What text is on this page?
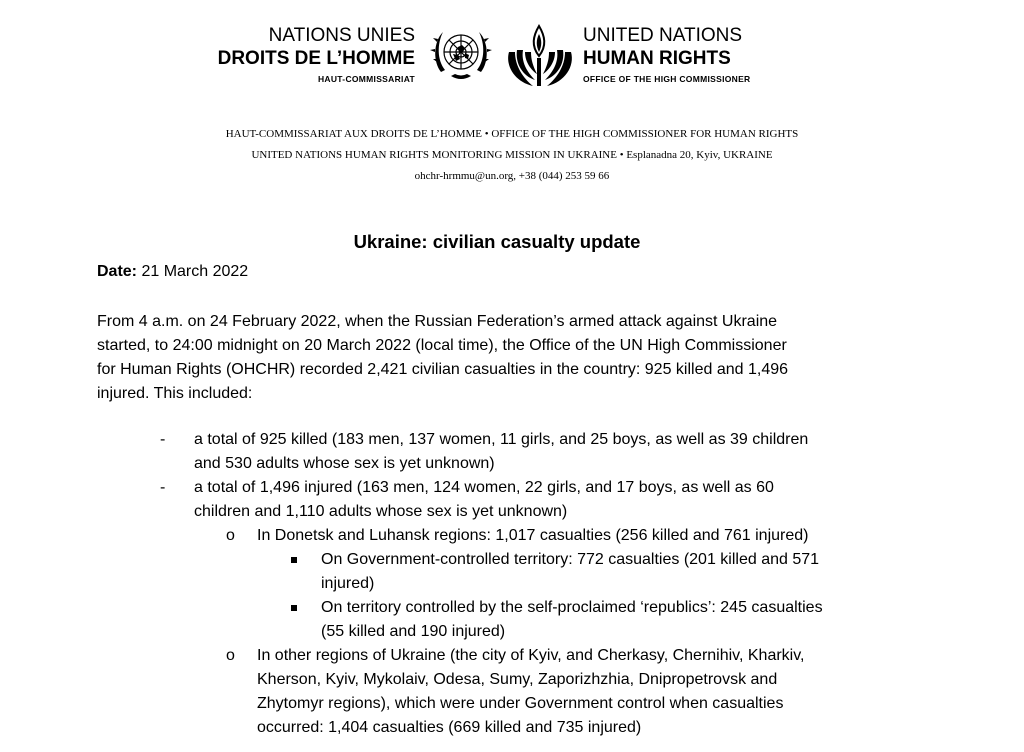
NATIONS UNIES
DROITS DE L’HOMME
HAUT-COMMISSARIAT
UNITED NATIONS
HUMAN RIGHTS
OFFICE OF THE HIGH COMMISSIONER
HAUT-COMMISSARIAT AUX DROITS DE L’HOMME • OFFICE OF THE HIGH COMMISSIONER FOR HUMAN RIGHTS
UNITED NATIONS HUMAN RIGHTS MONITORING MISSION IN UKRAINE • Esplanadna 20, Kyiv, UKRAINE
ohchr-hrmmu@un.org, +38 (044) 253 59 66
Ukraine: civilian casualty update
Date: 21 March 2022
From 4 a.m. on 24 February 2022, when the Russian Federation’s armed attack against Ukraine
started, to 24:00 midnight on 20 March 2022 (local time), the Office of the UN High Commissioner
for Human Rights (OHCHR) recorded 2,421 civilian casualties in the country: 925 killed and 1,496
injured. This included:
- a total of 925 killed (183 men, 137 women, 11 girls, and 25 boys, as well as 39 children
and 530 adults whose sex is yet unknown)
- a total of 1,496 injured (163 men, 124 women, 22 girls, and 17 boys, as well as 60
children and 1,110 adults whose sex is yet unknown)
o In Donetsk and Luhansk regions: 1,017 casualties (256 killed and 761 injured)
On Government-controlled territory: 772 casualties (201 killed and 571
injured)
On territory controlled by the self-proclaimed ‘republics’: 245 casualties
(55 killed and 190 injured)
o In other regions of Ukraine (the city of Kyiv, and Cherkasy, Chernihiv, Kharkiv,
Kherson, Kyiv, Mykolaiv, Odesa, Sumy, Zaporizhzhia, Dnipropetrovsk and
Zhytomyr regions), which were under Government control when casualties
occurred: 1,404 casualties (669 killed and 735 injured)
